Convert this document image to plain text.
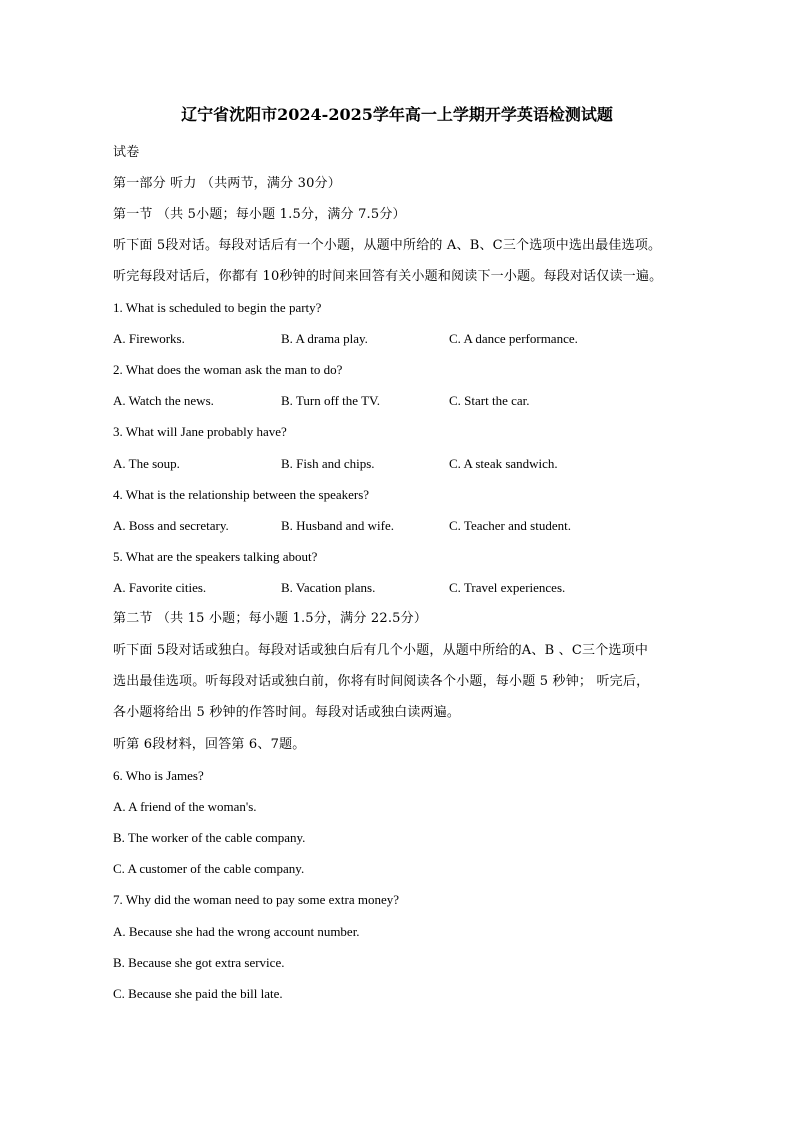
辽宁省沈阳市2024-2025学年高一上学期开学英语检测试题
试卷
第一部分 听力 （共两节，满分 30分）
第一节 （共 5小题；每小题 1.5分，满分 7.5分）
听下面 5段对话。每段对话后有一个小题，从题中所给的 A、B、C三个选项中选出最佳选项。
听完每段对话后，你都有 10秒钟的时间来回答有关小题和阅读下一小题。每段对话仅读一遍。
1. What is scheduled to begin the party?
A. Fireworks.	B. A drama play.	C. A dance performance.
2. What does the woman ask the man to do?
A. Watch the news.	B. Turn off the TV.	C. Start the car.
3. What will Jane probably have?
A. The soup.	B. Fish and chips.	C. A steak sandwich.
4. What is the relationship between the speakers?
A. Boss and secretary.	B. Husband and wife.	C. Teacher and student.
5. What are the speakers talking about?
A. Favorite cities.	B. Vacation plans.	C. Travel experiences.
第二节 （共 15 小题；每小题 1.5分，满分 22.5分）
听下面 5段对话或独白。每段对话或独白后有几个小题，从题中所给的A、B 、C三个选项中
选出最佳选项。听每段对话或独白前，你将有时间阅读各个小题，每小题 5 秒钟； 听完后，
各小题将给出 5 秒钟的作答时间。每段对话或独白读两遍。
听第 6段材料，回答第 6、7题。
6. Who is James?
A. A friend of the woman's.
B. The worker of the cable company.
C. A customer of the cable company.
7. Why did the woman need to pay some extra money?
A. Because she had the wrong account number.
B. Because she got extra service.
C. Because she paid the bill late.
